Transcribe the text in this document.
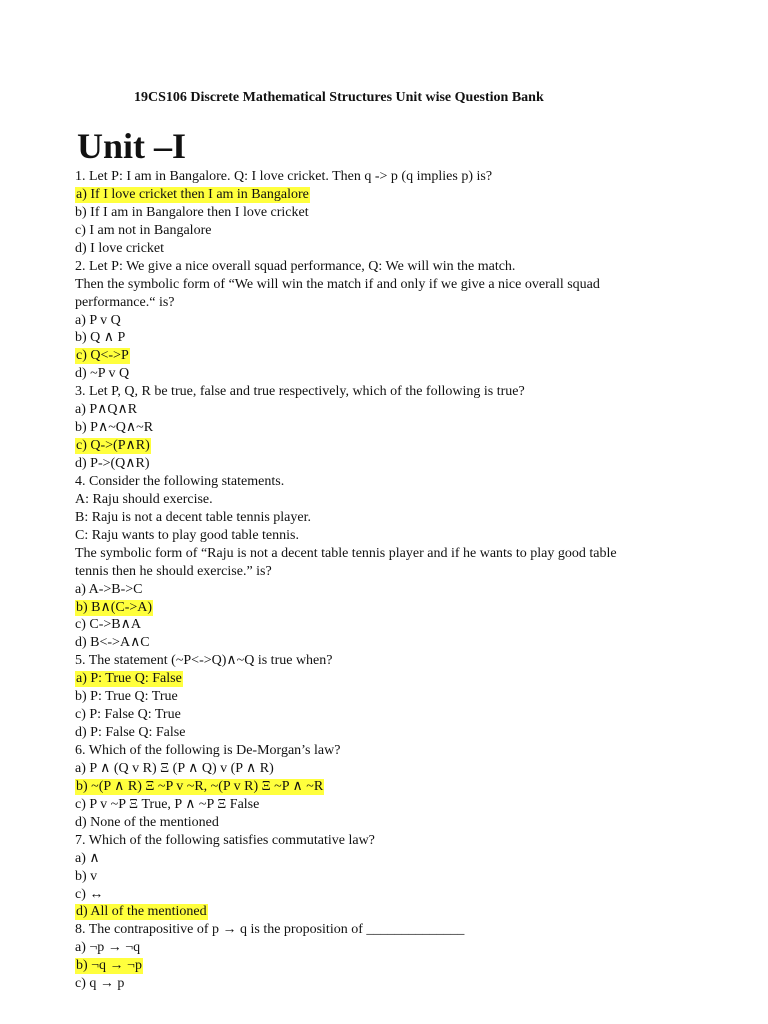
19CS106 Discrete Mathematical Structures Unit wise Question Bank
Unit –I
1. Let P: I am in Bangalore. Q: I love cricket. Then q -> p (q implies p) is?
a) If I love cricket then I am in Bangalore
b) If I am in Bangalore then I love cricket
c) I am not in Bangalore
d) I love cricket
2. Let P: We give a nice overall squad performance, Q: We will win the match.
Then the symbolic form of “We will win the match if and only if we give a nice overall squad
performance.“ is?
a) P v Q
b) Q ∧ P
c) Q<->P
d) ~P v Q
3. Let P, Q, R be true, false and true respectively, which of the following is true?
a) P∧Q∧R
b) P∧~Q∧~R
c) Q->(P∧R)
d) P->(Q∧R)
4. Consider the following statements.
A: Raju should exercise.
B: Raju is not a decent table tennis player.
C: Raju wants to play good table tennis.
The symbolic form of “Raju is not a decent table tennis player and if he wants to play good table
tennis then he should exercise.” is?
a) A->B->C
b) B∧(C->A)
c) C->B∧A
d) B<->A∧C
5. The statement (~P<->Q)∧~Q is true when?
a) P: True Q: False
b) P: True Q: True
c) P: False Q: True
d) P: False Q: False
6. Which of the following is De-Morgan’s law?
a) P ∧ (Q v R) Ξ (P ∧ Q) v (P ∧ R)
b) ~(P ∧ R) Ξ ~P v ~R, ~(P v R) Ξ ~P ∧ ~R
c) P v ~P Ξ True, P ∧ ~P Ξ False
d) None of the mentioned
7. Which of the following satisfies commutative law?
a) ∧
b) v
c) ↔
d) All of the mentioned
8. The contrapositive of p → q is the proposition of ______________
a) ¬p → ¬q
b) ¬q → ¬p
c) q → p
